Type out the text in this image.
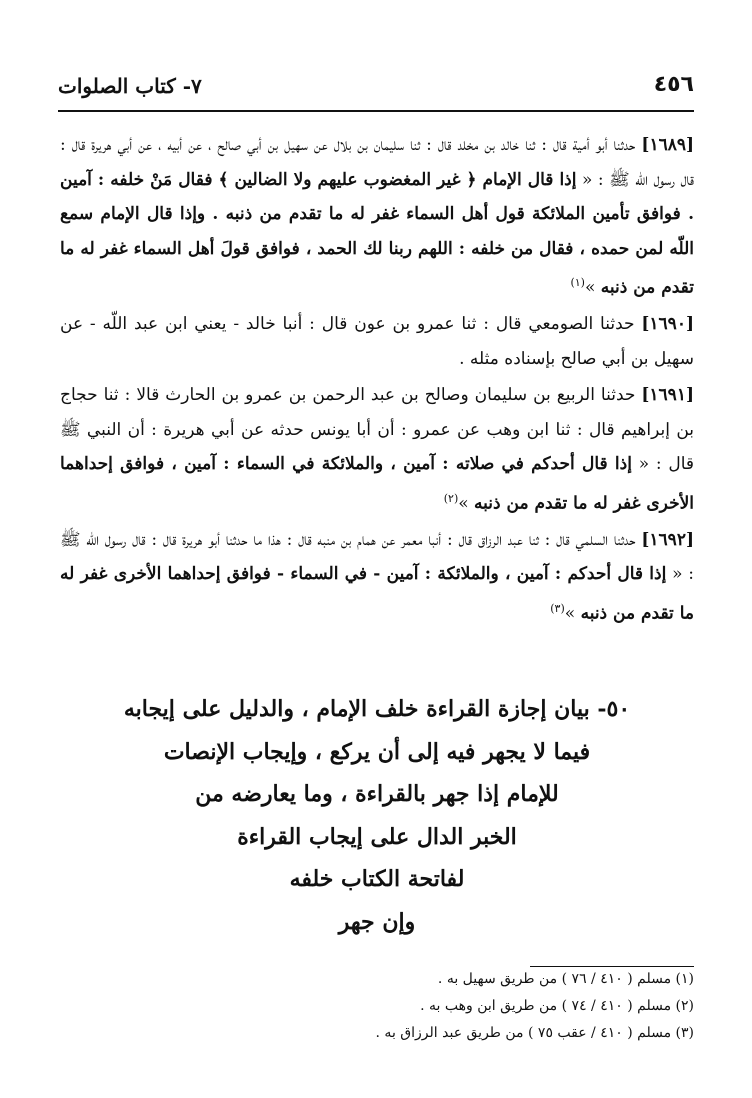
٤٥٦
٧- كتاب الصلوات

[١٦٨٩] حدثنا أبو أمية قال : ثنا خالد بن مخلد قال : ثنا سليمان بن بلال عن سهيل بن أبي صالح ، عن أبيه ، عن أبي هريرة قال : قال رسول اللّه ﷺ : « إذا قال الإمام ﴿ غير المغضوب عليهم ولا الضالين ﴾ فقال مَنْ خلفه : آمين . فوافق تأمين الملائكة قول أهل السماء غفر له ما تقدم من ذنبه . وإذا قال الإمام سمع اللّه لمن حمده ، فقال من خلفه : اللهم ربنا لك الحمد ، فوافق قولَ أهل السماء غفر له ما تقدم من ذنبه »$^{(١)}$

[١٦٩٠] حدثنا الصومعي قال : ثنا عمرو بن عون قال : أنبا خالد - يعني ابن عبد اللّه - عن سهيل بن أبي صالح بإسناده مثله .

[١٦٩١] حدثنا الربيع بن سليمان وصالح بن عبد الرحمن بن عمرو بن الحارث قالا : ثنا حجاج بن إبراهيم قال : ثنا ابن وهب عن عمرو : أن أبا يونس حدثه عن أبي هريرة : أن النبي ﷺ قال : « إذا قال أحدكم في صلاته : آمين ، والملائكة في السماء : آمين ، فوافق إحداهما الأخرى غفر له ما تقدم من ذنبه »$^{(٢)}$

[١٦٩٢] حدثنا السلمي قال : ثنا عبد الرزاق قال : أنبا معمر عن همام بن منبه قال : هذا ما حدثنا أبو هريرة قال : قال رسول اللّه ﷺ : « إذا قال أحدكم : آمين ، والملائكة : آمين - في السماء - فوافق إحداهما الأخرى غفر له ما تقدم من ذنبه »$^{(٣)}$

٥٠- بيان إجازة القراءة خلف الإمام ، والدليل على إيجابه
فيما لا يجهر فيه إلى أن يركع ، وإيجاب الإنصات
للإمام إذا جهر بالقراءة ، وما يعارضه من
الخبر الدال على إيجاب القراءة
لفاتحة الكتاب خلفه
وإن جهر
(١) مسلم ( ٤١٠ / ٧٦ ) من طريق سهيل به .
(٢) مسلم ( ٤١٠ / ٧٤ ) من طريق ابن وهب به .
(٣) مسلم ( ٤١٠ / عقب ٧٥ ) من طريق عبد الرزاق به .
